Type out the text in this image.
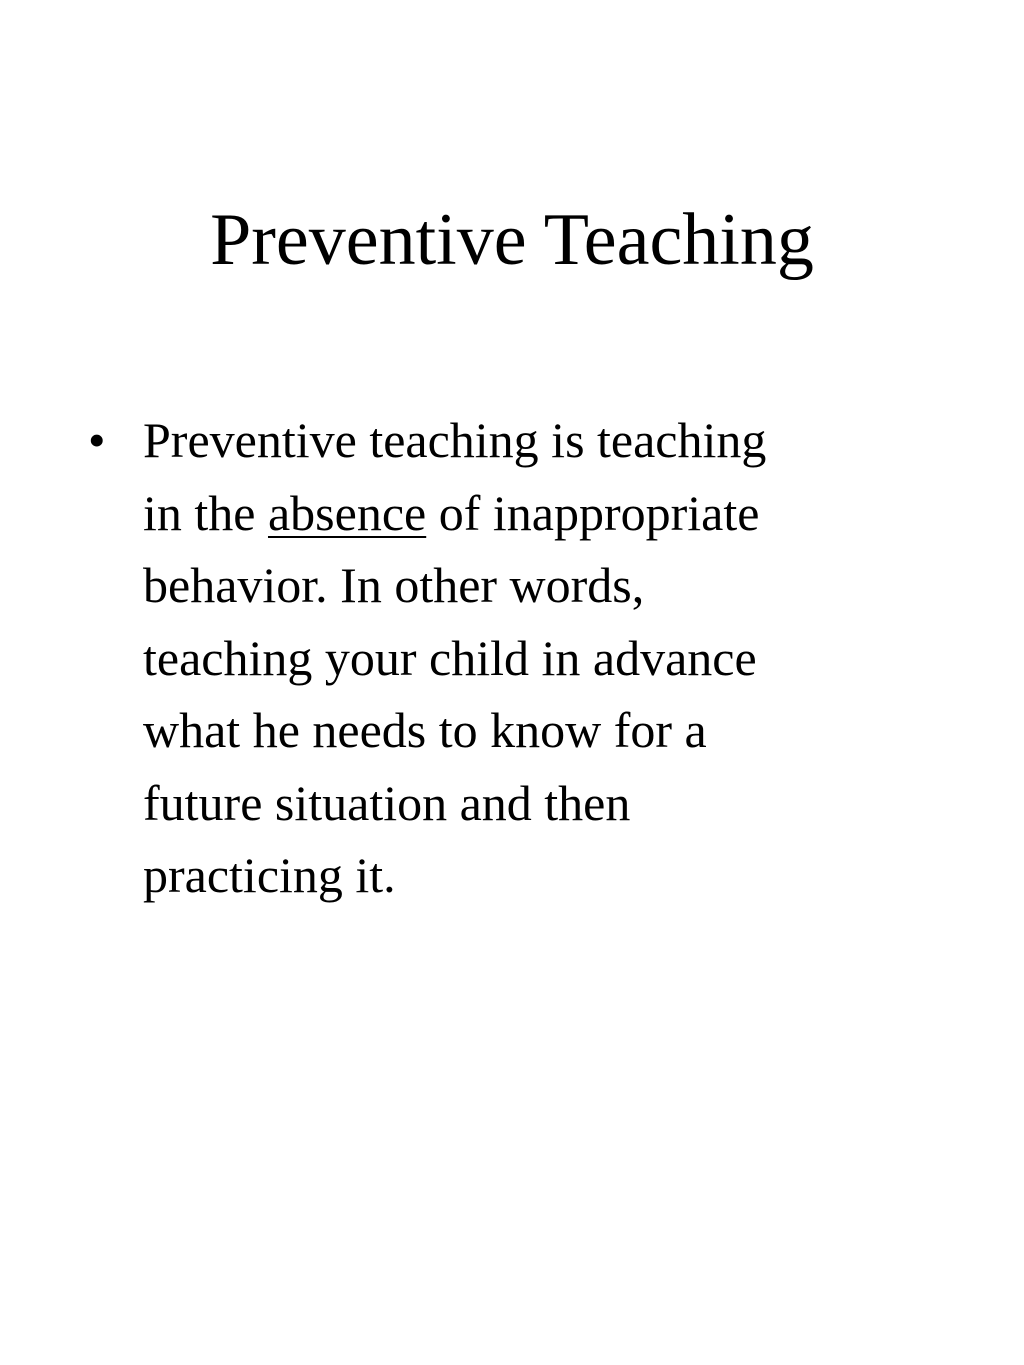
Preventive Teaching
• Preventive teaching is teaching
in the absence of inappropriate
behavior. In other words,
teaching your child in advance
what he needs to know for a
future situation and then
practicing it.
